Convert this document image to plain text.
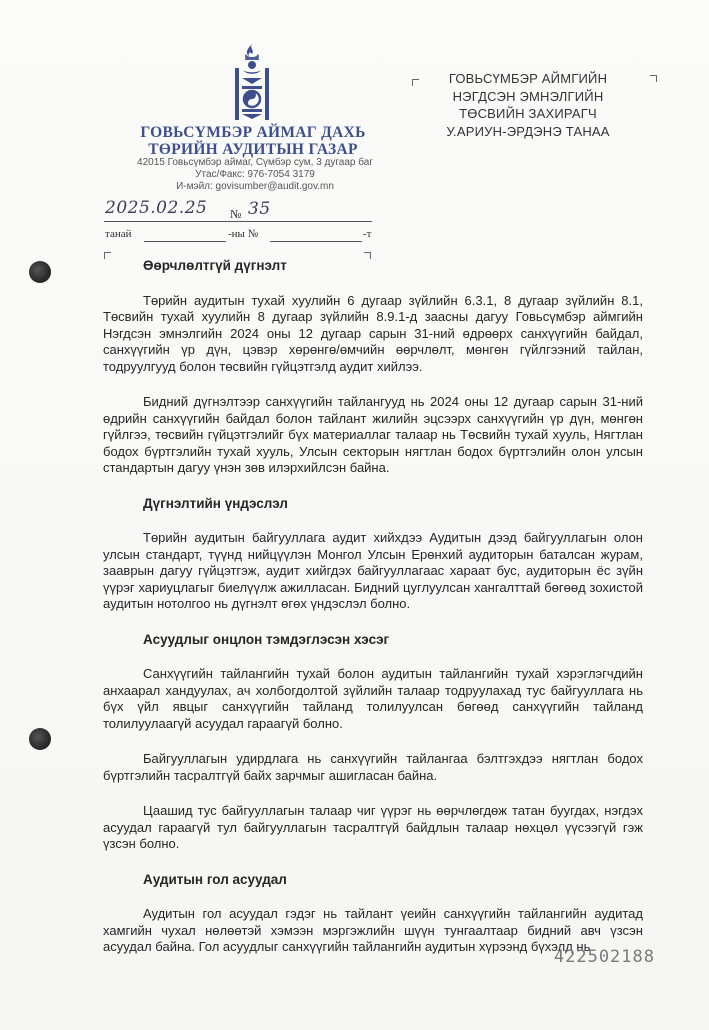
ГОВЬСҮМБЭР АЙМАГ ДАХЬ
ТӨРИЙН АУДИТЫН ГАЗАР
42015 Говьсүмбэр аймаг, Сүмбэр сум, 3 дугаар баг
Утас/Факс: 976-7054 3179
И-мэйл: govisumber@audit.gov.mn
ГОВЬСҮМБЭР АЙМГИЙН
НЭГДСЭН ЭМНЭЛГИЙН
ТӨСВИЙН ЗАХИРАГЧ
У.АРИУН-ЭРДЭНЭ ТАНАА
2025.02.25 № 35
танай	-ны №	-т
Өөрчлөлтгүй дүгнэлт

Төрийн аудитын тухай хуулийн 6 дугаар зүйлийн 6.3.1, 8 дугаар зүйлийн 8.1, Төсвийн тухай хуулийн 8 дугаар зүйлийн 8.9.1-д заасны дагуу Говьсүмбэр аймгийн Нэгдсэн эмнэлгийн 2024 оны 12 дугаар сарын 31-ний өдрөөрх санхүүгийн байдал, санхүүгийн үр дүн, цэвэр хөрөнгө/өмчийн өөрчлөлт, мөнгөн гүйлгээний тайлан, тодруулгууд болон төсвийн гүйцэтгэлд аудит хийлээ.

Бидний дүгнэлтээр санхүүгийн тайлангууд нь 2024 оны 12 дугаар сарын 31-ний өдрийн санхүүгийн байдал болон тайлант жилийн эцсээрх санхүүгийн үр дүн, мөнгөн гүйлгээ, төсвийн гүйцэтгэлийг бүх материаллаг талаар нь Төсвийн тухай хууль, Нягтлан бодох бүртгэлийн тухай хууль, Улсын секторын нягтлан бодох бүртгэлийн олон улсын стандартын дагуу үнэн зөв илэрхийлсэн байна.

Дүгнэлтийн үндэслэл

Төрийн аудитын байгууллага аудит хийхдээ Аудитын дээд байгууллагын олон улсын стандарт, түүнд нийцүүлэн Монгол Улсын Ерөнхий аудиторын баталсан журам, зааврын дагуу гүйцэтгэж, аудит хийгдэх байгууллагаас хараат бус, аудиторын ёс зүйн үүрэг хариуцлагыг биелүүлж ажилласан. Бидний цуглуулсан хангалттай бөгөөд зохистой аудитын нотолгоо нь дүгнэлт өгөх үндэслэл болно.

Асуудлыг онцлон тэмдэглэсэн хэсэг

Санхүүгийн тайлангийн тухай болон аудитын тайлангийн тухай хэрэглэгчдийн анхаарал хандуулах, ач холбогдолтой зүйлийн талаар тодруулахад тус байгууллага нь бүх үйл явцыг санхүүгийн тайланд толилуулсан бөгөөд санхүүгийн тайланд толилуулаагүй асуудал гараагүй болно.

Байгууллагын удирдлага нь санхүүгийн тайлангаа бэлтгэхдээ нягтлан бодох бүртгэлийн тасралтгүй байх зарчмыг ашигласан байна.

Цаашид тус байгууллагын талаар чиг үүрэг нь өөрчлөгдөж татан буугдах, нэгдэх асуудал гараагүй тул байгууллагын тасралтгүй байдлын талаар нөхцөл үүсээгүй гэж үзсэн болно.

Аудитын гол асуудал

Аудитын гол асуудал гэдэг нь тайлант үеийн санхүүгийн тайлангийн аудитад хамгийн чухал нөлөөтэй хэмээн мэргэжлийн шүүн тунгаалтаар бидний авч үзсэн асуудал байна. Гол асуудлыг санхүүгийн тайлангийн аудитын хүрээнд бүхэлд нь

422502188
